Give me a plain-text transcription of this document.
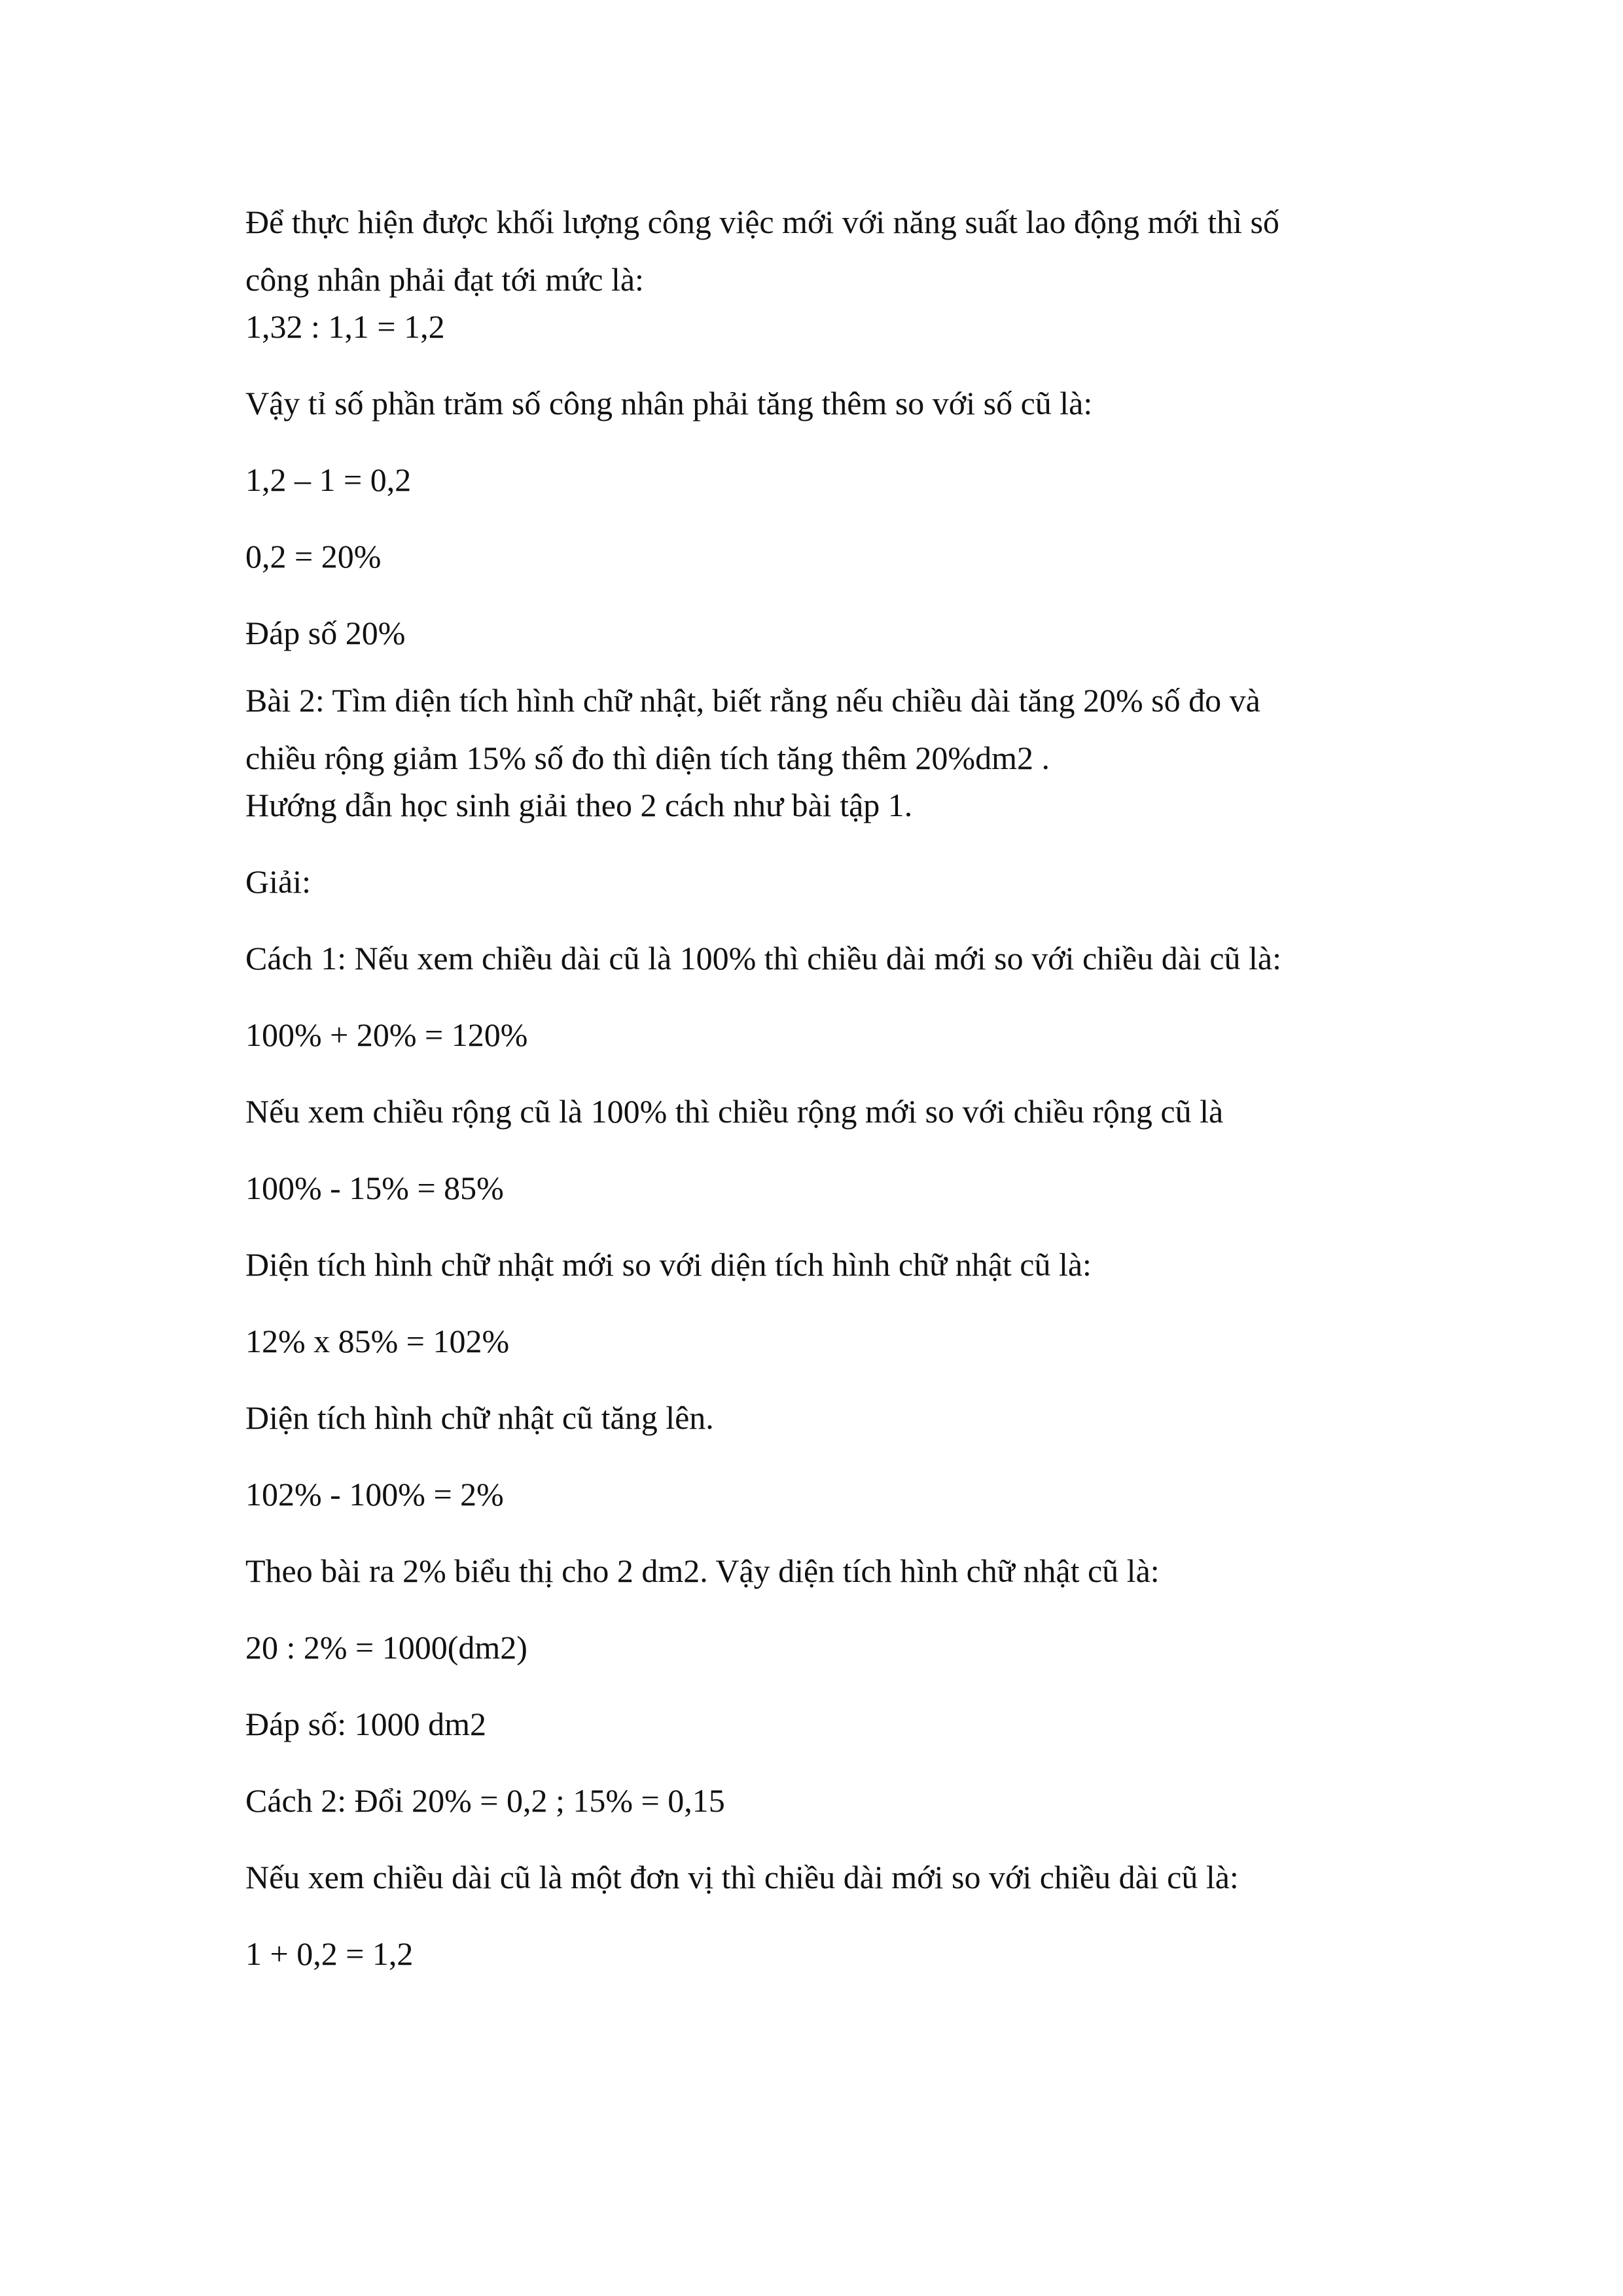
Để thực hiện được khối lượng công việc mới với năng suất lao động mới thì số
công nhân phải đạt tới mức là:

1,32 : 1,1 = 1,2

Vậy tỉ số phần trăm số công nhân phải tăng thêm so với số cũ là:

1,2 – 1 = 0,2

0,2 = 20%

Đáp số 20%

Bài 2: Tìm diện tích hình chữ nhật, biết rằng nếu chiều dài tăng 20% số đo và
chiều rộng giảm 15% số đo thì diện tích tăng thêm 20%dm2 .

Hướng dẫn học sinh giải theo 2 cách như bài tập 1.

Giải:

Cách 1: Nếu xem chiều dài cũ là 100% thì chiều dài mới so với chiều dài cũ là:

100% + 20% = 120%

Nếu xem chiều rộng cũ là 100% thì chiều rộng mới so với chiều rộng cũ là

100% - 15% = 85%

Diện tích hình chữ nhật mới so với diện tích hình chữ nhật cũ là:

12% x 85% = 102%

Diện tích hình chữ nhật cũ tăng lên.

102% - 100% = 2%

Theo bài ra 2% biểu thị cho 2 dm2. Vậy diện tích hình chữ nhật cũ là:

20 : 2% = 1000(dm2)

Đáp số: 1000 dm2

Cách 2: Đổi 20% = 0,2 ; 15% = 0,15

Nếu xem chiều dài cũ là một đơn vị thì chiều dài mới so với chiều dài cũ là:

1 + 0,2 = 1,2
